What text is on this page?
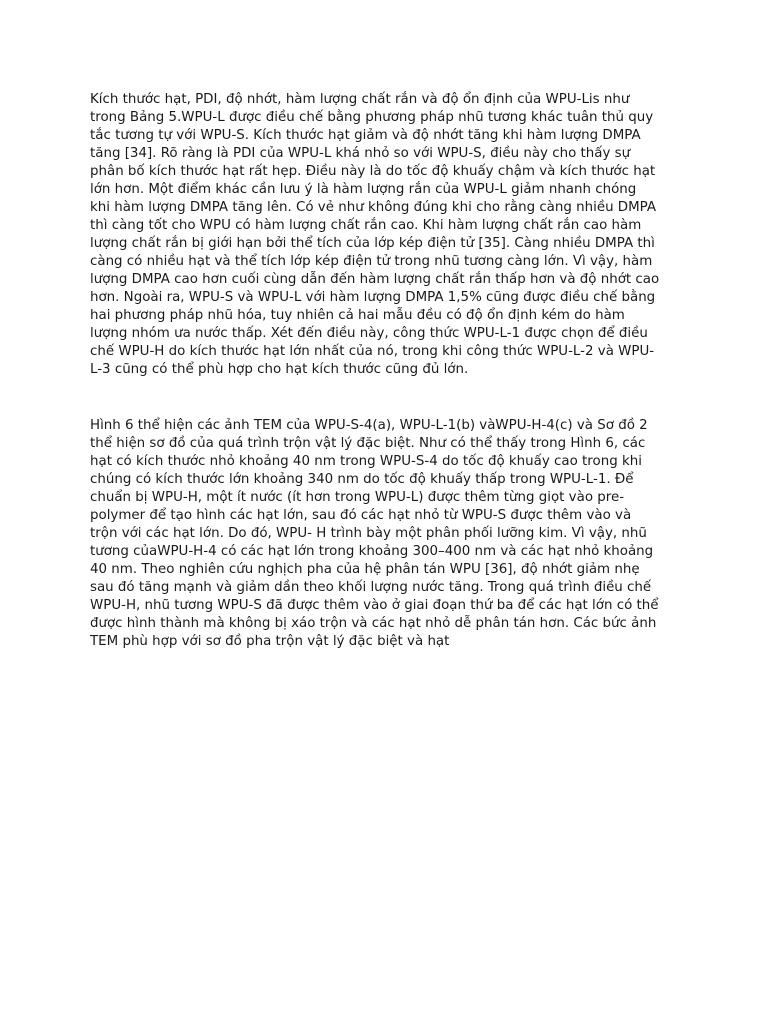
Kích thước hạt, PDI, độ nhớt, hàm lượng chất rắn và độ ổn định của WPU-Lis như
trong Bảng 5.WPU-L được điều chế bằng phương pháp nhũ tương khác tuân thủ quy
tắc tương tự với WPU-S. Kích thước hạt giảm và độ nhớt tăng khi hàm lượng DMPA
tăng [34]. Rõ ràng là PDI của WPU-L khá nhỏ so với WPU-S, điều này cho thấy sự
phân bố kích thước hạt rất hẹp. Điều này là do tốc độ khuấy chậm và kích thước hạt
lớn hơn. Một điểm khác cần lưu ý là hàm lượng rắn của WPU-L giảm nhanh chóng
khi hàm lượng DMPA tăng lên. Có vẻ như không đúng khi cho rằng càng nhiều DMPA
thì càng tốt cho WPU có hàm lượng chất rắn cao. Khi hàm lượng chất rắn cao hàm
lượng chất rắn bị giới hạn bởi thể tích của lớp kép điện tử [35]. Càng nhiều DMPA thì
càng có nhiều hạt và thể tích lớp kép điện tử trong nhũ tương càng lớn. Vì vậy, hàm
lượng DMPA cao hơn cuối cùng dẫn đến hàm lượng chất rắn thấp hơn và độ nhớt cao
hơn. Ngoài ra, WPU-S và WPU-L với hàm lượng DMPA 1,5% cũng được điều chế bằng
hai phương pháp nhũ hóa, tuy nhiên cả hai mẫu đều có độ ổn định kém do hàm
lượng nhóm ưa nước thấp. Xét đến điều này, công thức WPU-L-1 được chọn để điều
chế WPU-H do kích thước hạt lớn nhất của nó, trong khi công thức WPU-L-2 và WPU-
L-3 cũng có thể phù hợp cho hạt kích thước cũng đủ lớn.

Hình 6 thể hiện các ảnh TEM của WPU-S-4(a), WPU-L-1(b) vàWPU-H-4(c) và Sơ đồ 2
thể hiện sơ đồ của quá trình trộn vật lý đặc biệt. Như có thể thấy trong Hình 6, các
hạt có kích thước nhỏ khoảng 40 nm trong WPU-S-4 do tốc độ khuấy cao trong khi
chúng có kích thước lớn khoảng 340 nm do tốc độ khuấy thấp trong WPU-L-1. Để
chuẩn bị WPU-H, một ít nước (ít hơn trong WPU-L) được thêm từng giọt vào pre-
polymer để tạo hình các hạt lớn, sau đó các hạt nhỏ từ WPU-S được thêm vào và
trộn với các hạt lớn. Do đó, WPU- H trình bày một phân phối lưỡng kim. Vì vậy, nhũ
tương củaWPU-H-4 có các hạt lớn trong khoảng 300–400 nm và các hạt nhỏ khoảng
40 nm. Theo nghiên cứu nghịch pha của hệ phân tán WPU [36], độ nhớt giảm nhẹ
sau đó tăng mạnh và giảm dần theo khối lượng nước tăng. Trong quá trình điều chế
WPU-H, nhũ tương WPU-S đã được thêm vào ở giai đoạn thứ ba để các hạt lớn có thể
được hình thành mà không bị xáo trộn và các hạt nhỏ dễ phân tán hơn. Các bức ảnh
TEM phù hợp với sơ đồ pha trộn vật lý đặc biệt và hạt
